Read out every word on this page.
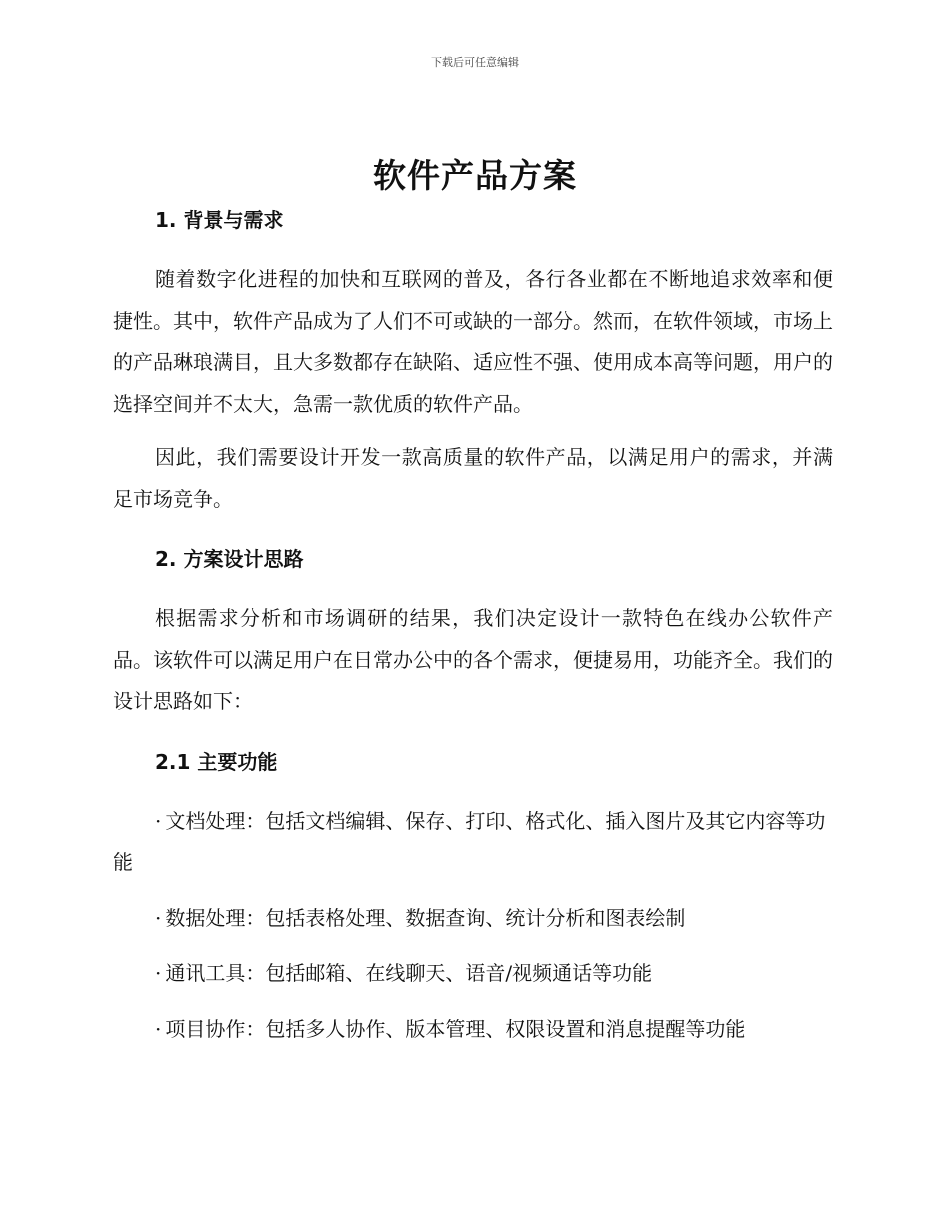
下载后可任意编辑
软件产品方案
1. 背景与需求

随着数字化进程的加快和互联网的普及，各行各业都在不断地追求效率和便捷性。其中，软件产品成为了人们不可或缺的一部分。然而，在软件领域，市场上的产品琳琅满目，且大多数都存在缺陷、适应性不强、使用成本高等问题，用户的选择空间并不太大，急需一款优质的软件产品。

因此，我们需要设计开发一款高质量的软件产品，以满足用户的需求，并满足市场竞争。

2. 方案设计思路

根据需求分析和市场调研的结果，我们决定设计一款特色在线办公软件产品。该软件可以满足用户在日常办公中的各个需求，便捷易用，功能齐全。我们的设计思路如下：

2.1 主要功能

· 文档处理：包括文档编辑、保存、打印、格式化、插入图片及其它内容等功能

· 数据处理：包括表格处理、数据查询、统计分析和图表绘制

· 通讯工具：包括邮箱、在线聊天、语音/视频通话等功能

· 项目协作：包括多人协作、版本管理、权限设置和消息提醒等功能
